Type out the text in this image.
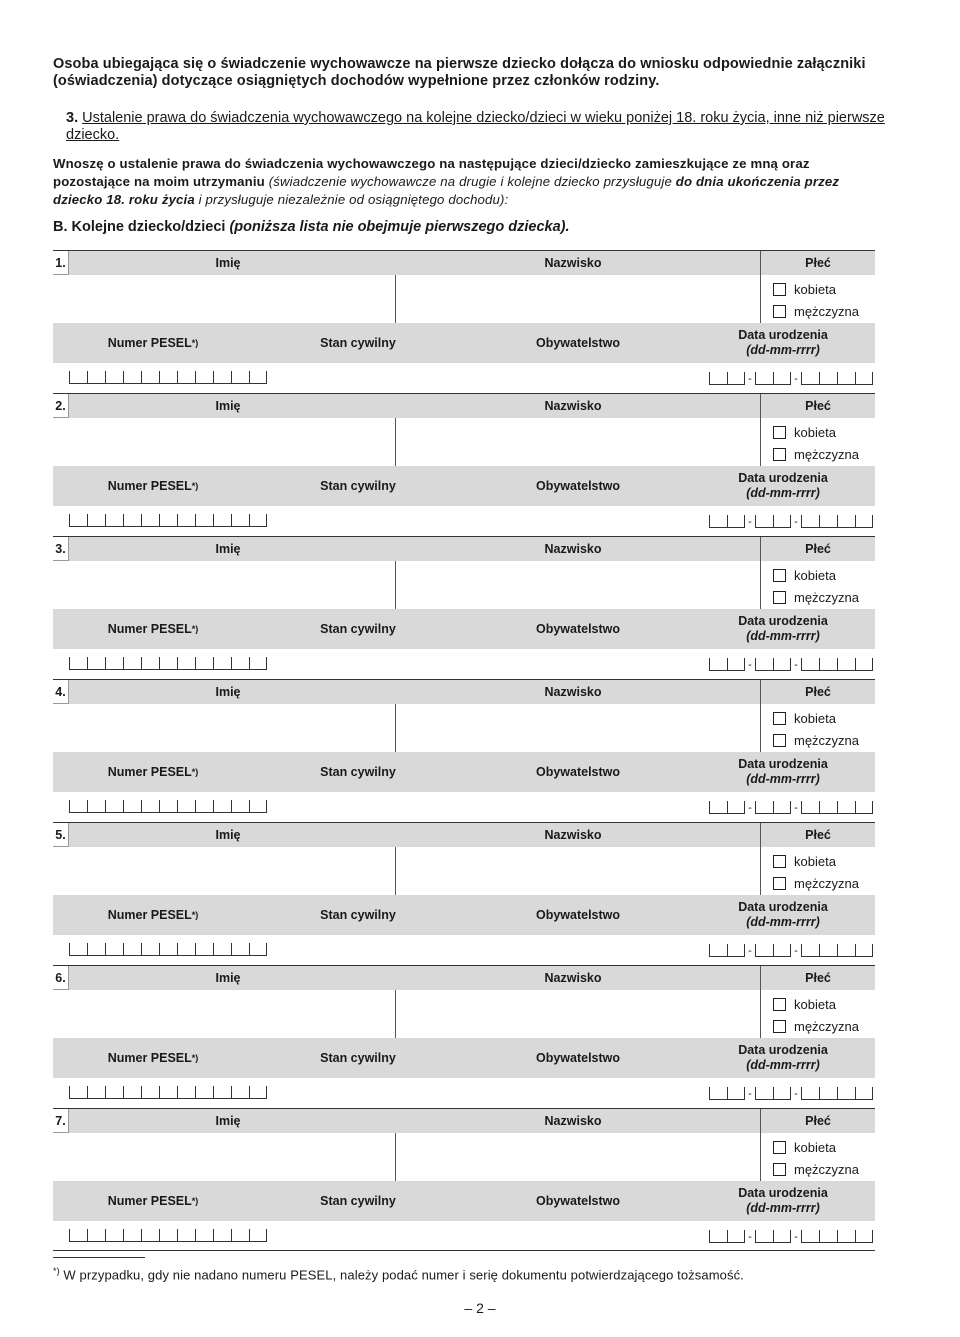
Osoba ubiegająca się o świadczenie wychowawcze na pierwsze dziecko dołącza do wniosku odpowiednie załączniki (oświadczenia) dotyczące osiągniętych dochodów wypełnione przez członków rodziny.
3. Ustalenie prawa do świadczenia wychowawczego na kolejne dziecko/dzieci w wieku poniżej 18. roku życia, inne niż pierwsze dziecko.
Wnoszę o ustalenie prawa do świadczenia wychowawczego na następujące dzieci/dziecko zamieszkujące ze mną oraz pozostające na moim utrzymaniu (świadczenie wychowawcze na drugie i kolejne dziecko przysługuje do dnia ukończenia przez dziecko 18. roku życia i przysługuje niezależnie od osiągniętego dochodu):
B. Kolejne dziecko/dzieci (poniższa lista nie obejmuje pierwszego dziecka).
1.	Imię	Nazwisko	Płeć
kobieta
mężczyzna
Numer PESEL *)	Stan cywilny	Obywatelstwo
Data urodzenia
(dd-mm-rrrr)
-	-
2.	Imię	Nazwisko	Płeć
kobieta
mężczyzna
Numer PESEL *)	Stan cywilny	Obywatelstwo
Data urodzenia
(dd-mm-rrrr)
-	-
3.	Imię	Nazwisko	Płeć
kobieta
mężczyzna
Numer PESEL *)	Stan cywilny	Obywatelstwo
Data urodzenia
(dd-mm-rrrr)
-	-
4.	Imię	Nazwisko	Płeć
kobieta
mężczyzna
Numer PESEL *)	Stan cywilny	Obywatelstwo
Data urodzenia
(dd-mm-rrrr)
-	-
5.	Imię	Nazwisko	Płeć
kobieta
mężczyzna
Numer PESEL *)	Stan cywilny	Obywatelstwo
Data urodzenia
(dd-mm-rrrr)
-	-
6.	Imię	Nazwisko	Płeć
kobieta
mężczyzna
Numer PESEL *)	Stan cywilny	Obywatelstwo
Data urodzenia
(dd-mm-rrrr)
-	-
7.	Imię	Nazwisko	Płeć
kobieta
mężczyzna
Numer PESEL *)	Stan cywilny	Obywatelstwo
Data urodzenia
(dd-mm-rrrr)
-	-
*) W przypadku, gdy nie nadano numeru PESEL, należy podać numer i serię dokumentu potwierdzającego tożsamość.
– 2 –
